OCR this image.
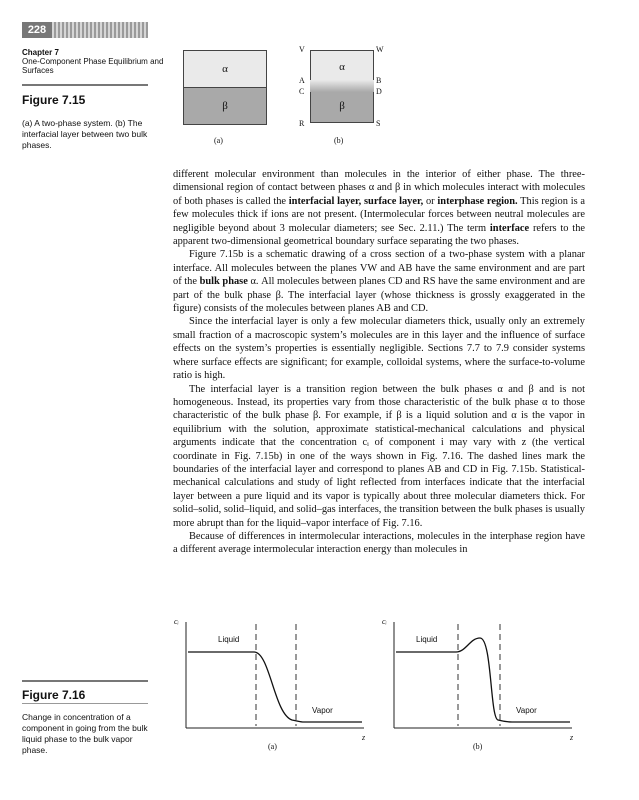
228
Chapter 7
One-Component Phase Equilibrium and Surfaces
Figure 7.15
(a) A two-phase system. (b) The interfacial layer between two bulk phases.
α
β
(a)
α
β
V	W
A	B
C	D
R	S
(b)

different molecular environment than molecules in the interior of either phase. The three-dimensional region of contact between phases α and β in which molecules interact with molecules of both phases is called the interfacial layer, surface layer, or interphase region. This region is a few molecules thick if ions are not present. (Intermolecular forces between neutral molecules are negligible beyond about 3 molecular diameters; see Sec. 2.11.) The term interface refers to the apparent two-dimensional geometrical boundary surface separating the two phases.

Figure 7.15b is a schematic drawing of a cross section of a two-phase system with a planar interface. All molecules between the planes VW and AB have the same environment and are part of the bulk phase α. All molecules between planes CD and RS have the same environment and are part of the bulk phase β. The interfacial layer (whose thickness is grossly exaggerated in the figure) consists of the molecules between planes AB and CD.

Since the interfacial layer is only a few molecular diameters thick, usually only an extremely small fraction of a macroscopic system’s molecules are in this layer and the influence of surface effects on the system’s properties is essentially negligible. Sections 7.7 to 7.9 consider systems where surface effects are significant; for example, colloidal systems, where the surface-to-volume ratio is high.

The interfacial layer is a transition region between the bulk phases α and β and is not homogeneous. Instead, its properties vary from those characteristic of the bulk phase α to those characteristic of the bulk phase β. For example, if β is a liquid solution and α is the vapor in equilibrium with the solution, approximate statistical-mechanical calculations and physical arguments indicate that the concentration cᵢ of component i may vary with z (the vertical coordinate in Fig. 7.15b) in one of the ways shown in Fig. 7.16. The dashed lines mark the boundaries of the interfacial layer and correspond to planes AB and CD in Fig. 7.15b. Statistical-mechanical calculations and study of light reflected from interfaces indicate that the interfacial layer between a pure liquid and its vapor is typically about three molecular diameters thick. For solid–solid, solid–liquid, and solid–gas interfaces, the transition between the bulk phases is usually more abrupt than for the liquid–vapor interface of Fig. 7.16.

Because of differences in intermolecular interactions, molecules in the interphase region have a different average intermolecular interaction energy than molecules in

Figure 7.16
Change in concentration of a component in going from the bulk liquid phase to the bulk vapor phase.
cᵢ
z
Liquid
Vapor
(a)
cᵢ
z
Liquid
Vapor
(b)
